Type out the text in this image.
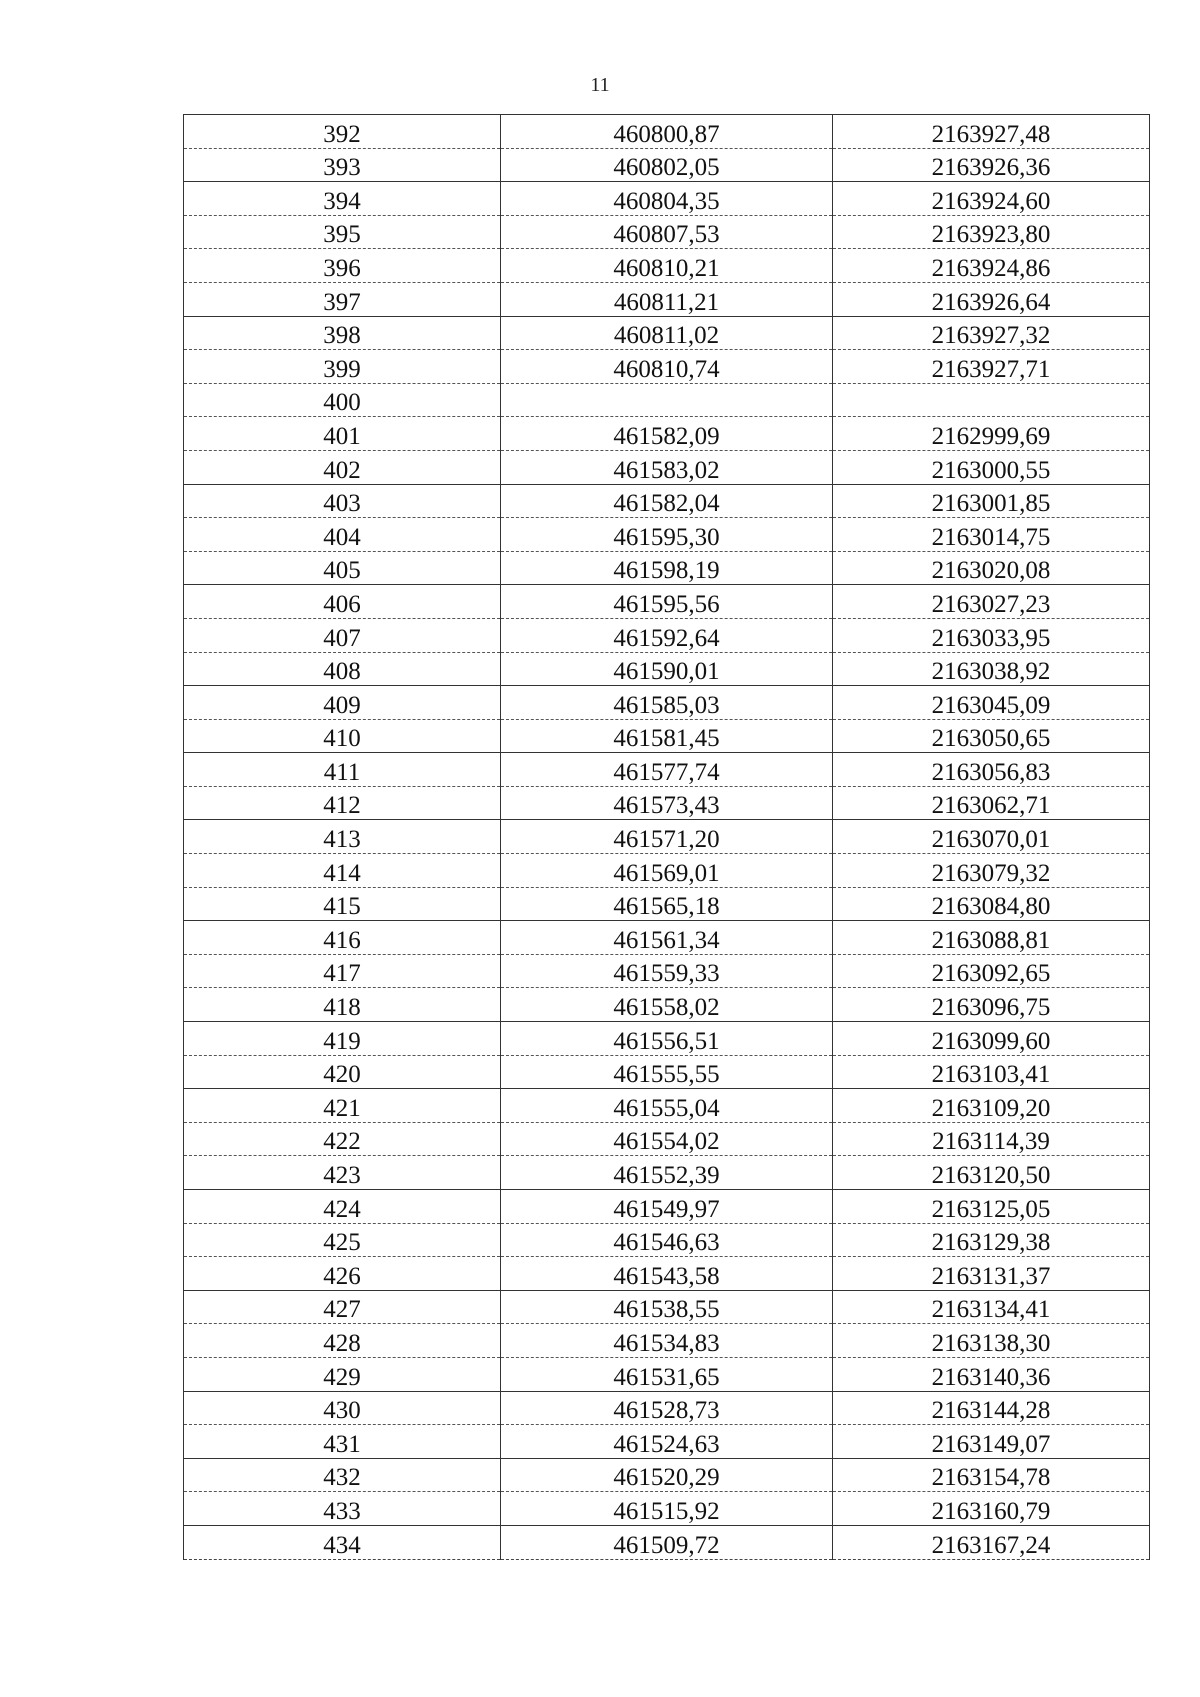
11
392	460800,87	2163927,48
393	460802,05	2163926,36
394	460804,35	2163924,60
395	460807,53	2163923,80
396	460810,21	2163924,86
397	460811,21	2163926,64
398	460811,02	2163927,32
399	460810,74	2163927,71
400		
401	461582,09	2162999,69
402	461583,02	2163000,55
403	461582,04	2163001,85
404	461595,30	2163014,75
405	461598,19	2163020,08
406	461595,56	2163027,23
407	461592,64	2163033,95
408	461590,01	2163038,92
409	461585,03	2163045,09
410	461581,45	2163050,65
411	461577,74	2163056,83
412	461573,43	2163062,71
413	461571,20	2163070,01
414	461569,01	2163079,32
415	461565,18	2163084,80
416	461561,34	2163088,81
417	461559,33	2163092,65
418	461558,02	2163096,75
419	461556,51	2163099,60
420	461555,55	2163103,41
421	461555,04	2163109,20
422	461554,02	2163114,39
423	461552,39	2163120,50
424	461549,97	2163125,05
425	461546,63	2163129,38
426	461543,58	2163131,37
427	461538,55	2163134,41
428	461534,83	2163138,30
429	461531,65	2163140,36
430	461528,73	2163144,28
431	461524,63	2163149,07
432	461520,29	2163154,78
433	461515,92	2163160,79
434	461509,72	2163167,24
